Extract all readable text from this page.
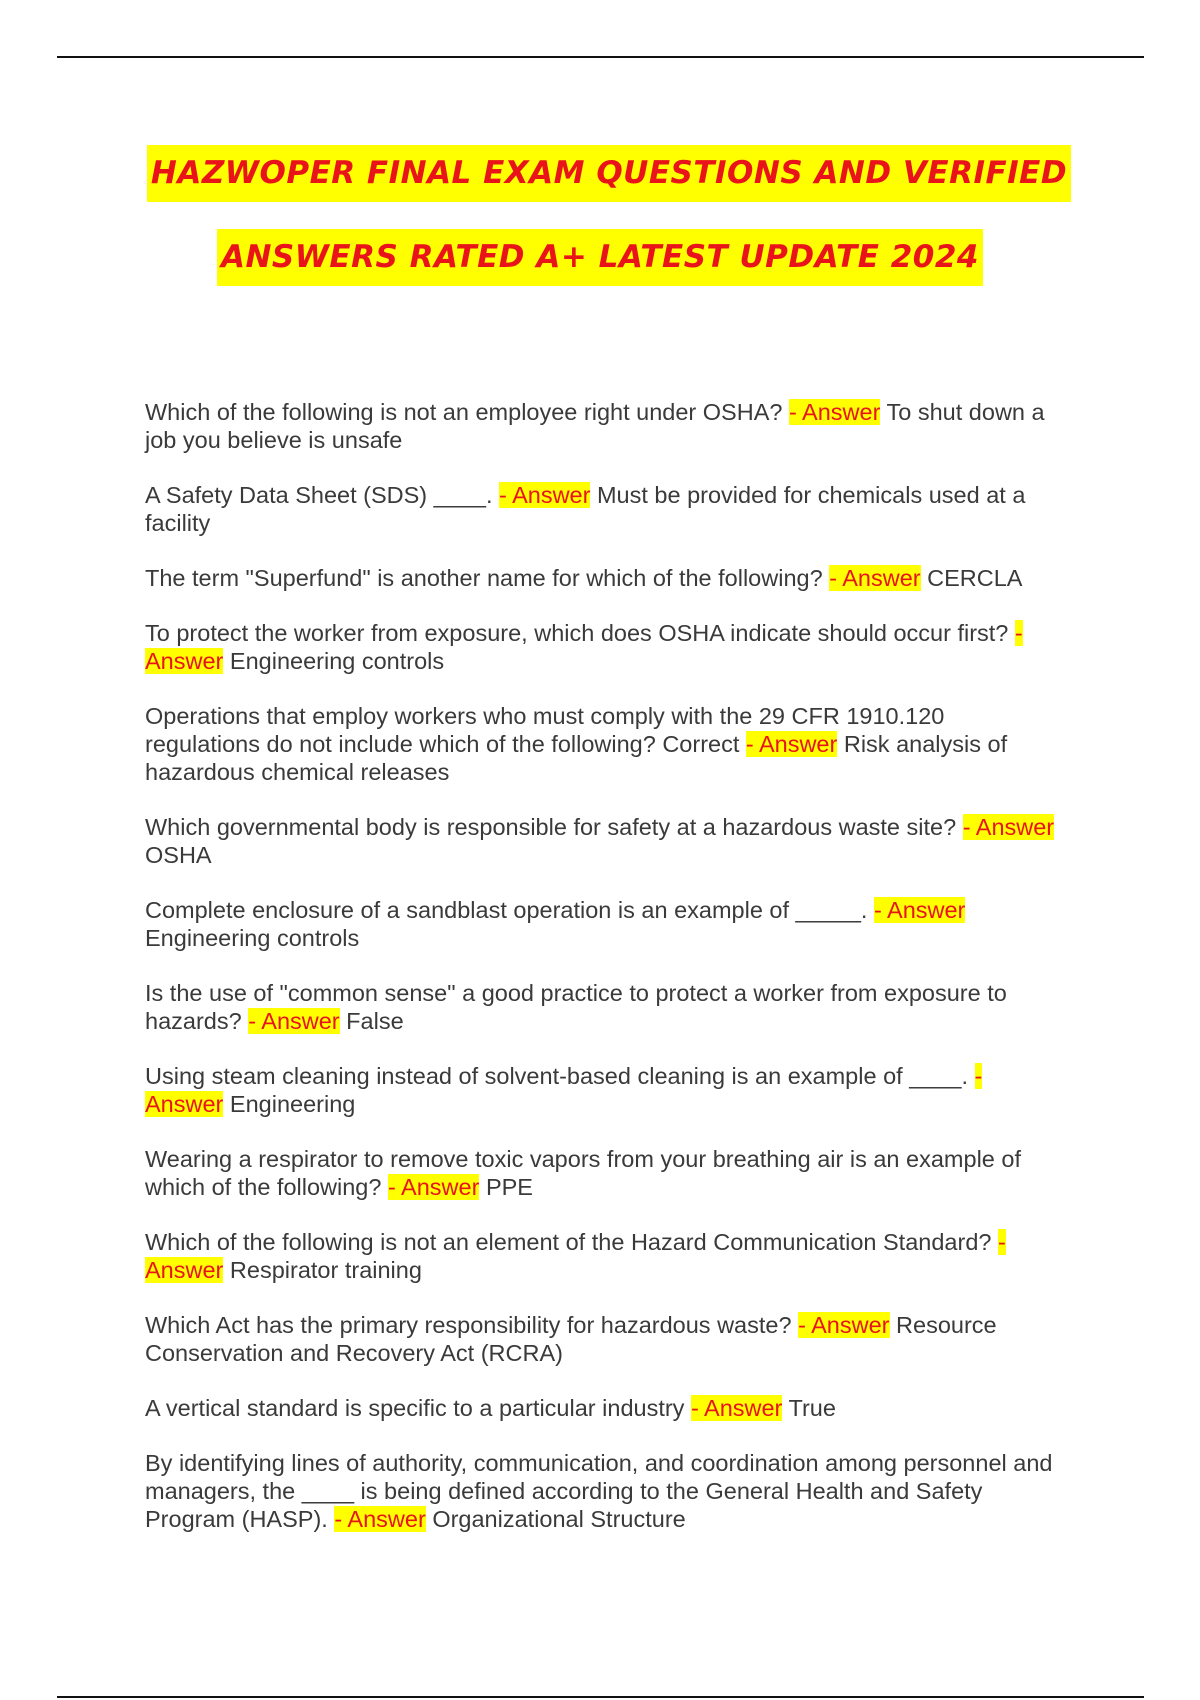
HAZWOPER FINAL EXAM QUESTIONS AND VERIFIED
ANSWERS RATED A+ LATEST UPDATE 2024

Which of the following is not an employee right under OSHA? - Answer To shut down a job you believe is unsafe

A Safety Data Sheet (SDS) ____. - Answer Must be provided for chemicals used at a facility

The term "Superfund" is another name for which of the following? - Answer CERCLA

To protect the worker from exposure, which does OSHA indicate should occur first? - Answer Engineering controls

Operations that employ workers who must comply with the 29 CFR 1910.120 regulations do not include which of the following? Correct - Answer Risk analysis of hazardous chemical releases

Which governmental body is responsible for safety at a hazardous waste site? - Answer OSHA

Complete enclosure of a sandblast operation is an example of _____. - Answer Engineering controls

Is the use of "common sense" a good practice to protect a worker from exposure to hazards? - Answer False

Using steam cleaning instead of solvent-based cleaning is an example of ____. - Answer Engineering

Wearing a respirator to remove toxic vapors from your breathing air is an example of which of the following? - Answer PPE

Which of the following is not an element of the Hazard Communication Standard? - Answer Respirator training

Which Act has the primary responsibility for hazardous waste? - Answer Resource Conservation and Recovery Act (RCRA)

A vertical standard is specific to a particular industry - Answer True

By identifying lines of authority, communication, and coordination among personnel and managers, the ____ is being defined according to the General Health and Safety Program (HASP). - Answer Organizational Structure
